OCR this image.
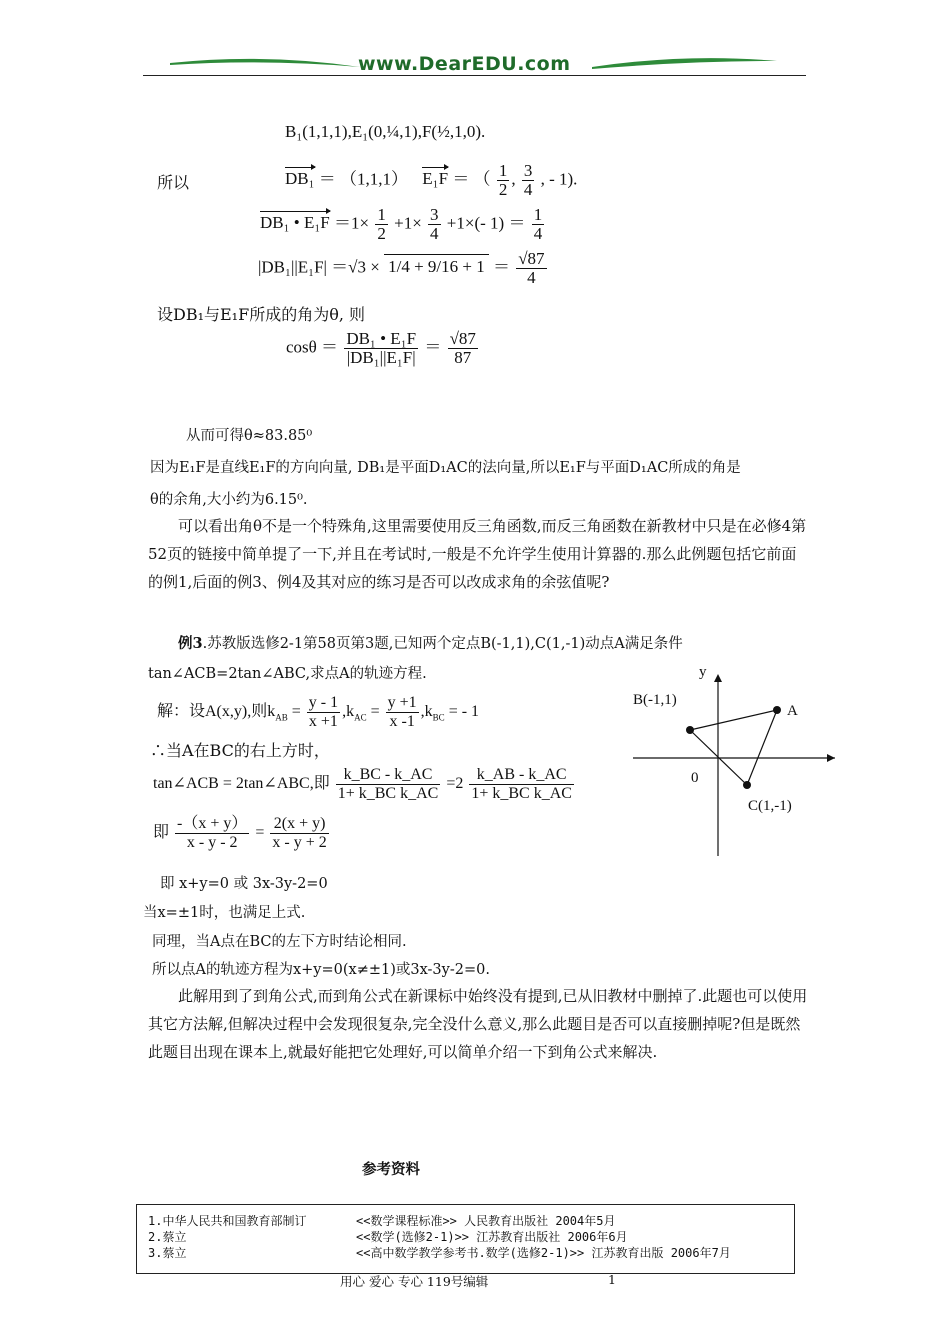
www.DearEDU.com
B₁(1,1,1),E₁(0,¼,1),F(½,1,0).
所以	DB₁ ＝ （1,1,1） E₁F ＝ （ $\frac{1}{2}$ , $\frac{3}{4}$ , - 1).
DB₁ • $E_1F =1\times \frac{1}{2} +1\times \frac{3}{4} +1\times(-$ $1) = \frac{1}{4}$
$|DB_1||E_1F| =√3 \times 1/4 + 9/16 + 1 = \frac{√87}{4}$
设DB₁与E₁F所成的角为θ, 则
$\cos\theta = \frac{\text{DB₁ • E₁F}}{\text{|DB₁||E₁F|}} = \frac{√87}{87}$
从而可得θ≈83.85⁰
因为E₁F是直线E₁F的方向向量, DB₁是平面D₁AC的法向量,所以E₁F与平面D₁AC所成的角是
θ的余角,大小约为6.15⁰.
可以看出角θ不是一个特殊角,这里需要使用反三角函数,而反三角函数在新教材中只是在必修4第52页的链接中简单提了一下,并且在考试时,一般是不允许学生使用计算器的.那么此例题包括它前面的例1,后面的例3、例4及其对应的练习是否可以改成求角的余弦值呢?
例3.苏教版选修2-1第58页第3题,已知两个定点B(-1,1),C(1,-1)动点A满足条件
tan∠ACB=2tan∠ABC,求点A的轨迹方程.
解：设A(x,y),则$k_{AB} = \frac{y - 1}{x +1} ,k_{AC} = \frac{y +1}{x -1} ,k_{BC}$ = - 1
∴当A在BC的右上方时，
tan∠ACB = 2tan∠ABC,即 $\frac{k\_BC - k\_AC}{\text{1+ k\_BC k\_AC}} =2 \frac{k\_AB - k\_AC}{\text{1+ k\_BC k\_AC}}$
即 $\frac{-(x + y)}{x - y - 2} = \frac{2(x + y)}{x - y + 2}$
即 x+y=0 或 3x-3y-2=0
当x=±1时，也满足上式.
同理，当A点在BC的左下方时结论相同.
所以点A的轨迹方程为x+y=0(x≠±1)或3x-3y-2=0.
此解用到了到角公式,而到角公式在新课标中始终没有提到,已从旧教材中删掉了.此题也可以使用其它方法解,但解决过程中会发现很复杂,完全没什么意义,那么此题目是否可以直接删掉呢?但是既然此题目出现在课本上,就最好能把它处理好,可以简单介绍一下到角公式来解决.
y
0
B(-1,1)
A
C(1,-1)
参考资料
1.中华人民共和国教育部制订	<<数学课程标准>> 人民教育出版社 2004年5月
2.蔡立	<<数学(选修2-1)>> 江苏教育出版社 2006年6月
3.蔡立	<<高中数学教学参考书.数学(选修2-1)>> 江苏教育出版 2006年7月
用心 爱心 专心 119号编辑	1
